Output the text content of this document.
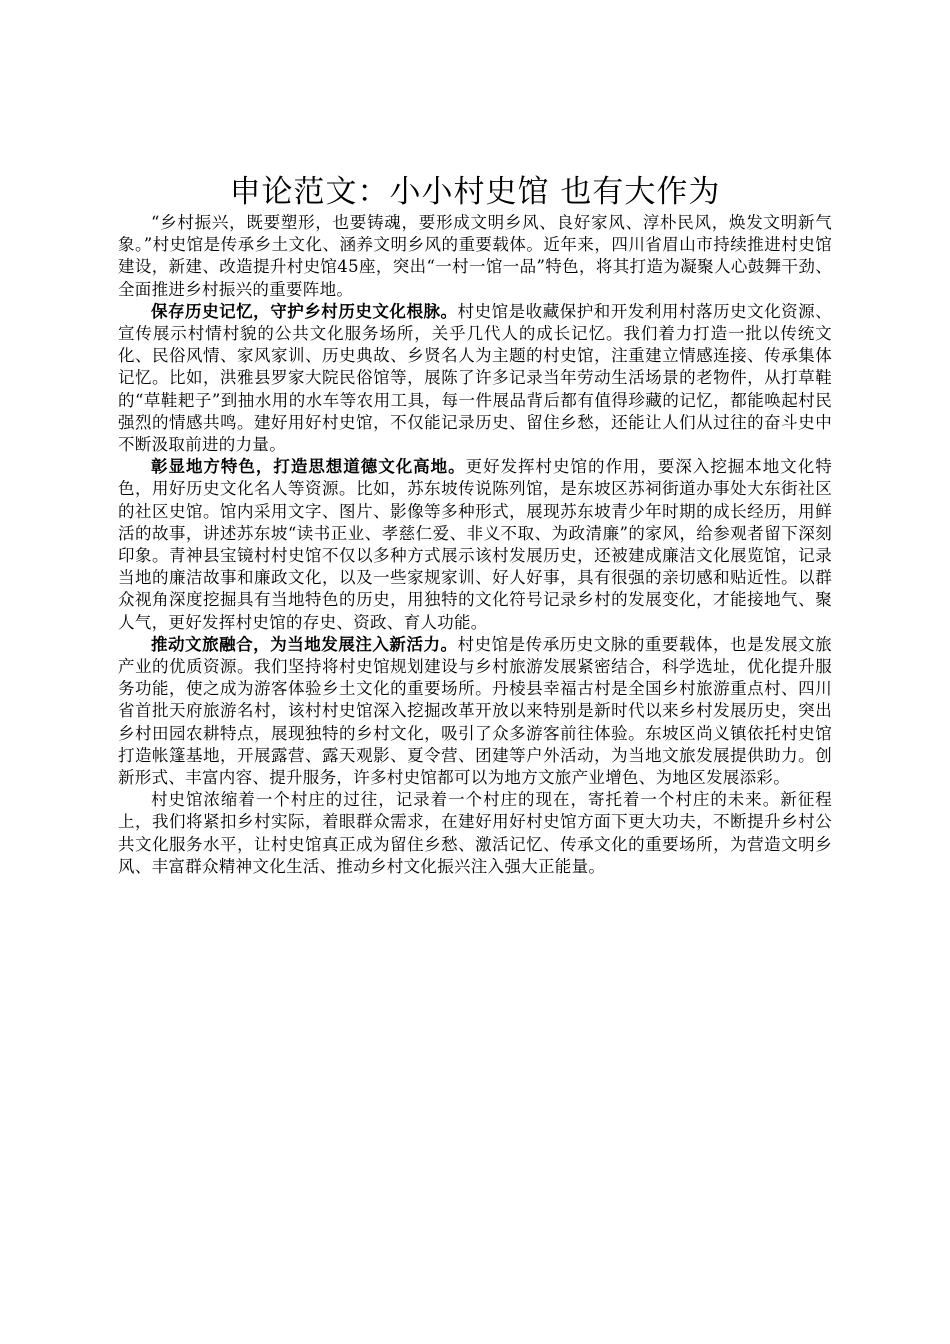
申论范文：小小村史馆 也有大作为

“乡村振兴，既要塑形，也要铸魂，要形成文明乡风、良好家风、淳朴民风，焕发文明新气象。”村史馆是传承乡土文化、涵养文明乡风的重要载体。近年来，四川省眉山市持续推进村史馆建设，新建、改造提升村史馆45座，突出“一村一馆一品”特色，将其打造为凝聚人心鼓舞干劲、全面推进乡村振兴的重要阵地。

保存历史记忆，守护乡村历史文化根脉。村史馆是收藏保护和开发利用村落历史文化资源、宣传展示村情村貌的公共文化服务场所，关乎几代人的成长记忆。我们着力打造一批以传统文化、民俗风情、家风家训、历史典故、乡贤名人为主题的村史馆，注重建立情感连接、传承集体记忆。比如，洪雅县罗家大院民俗馆等，展陈了许多记录当年劳动生活场景的老物件，从打草鞋的“草鞋耙子”到抽水用的水车等农用工具，每一件展品背后都有值得珍藏的记忆，都能唤起村民强烈的情感共鸣。建好用好村史馆，不仅能记录历史、留住乡愁，还能让人们从过往的奋斗史中不断汲取前进的力量。

彰显地方特色，打造思想道德文化高地。更好发挥村史馆的作用，要深入挖掘本地文化特色，用好历史文化名人等资源。比如，苏东坡传说陈列馆，是东坡区苏祠街道办事处大东街社区的社区史馆。馆内采用文字、图片、影像等多种形式，展现苏东坡青少年时期的成长经历，用鲜活的故事，讲述苏东坡“读书正业、孝慈仁爱、非义不取、为政清廉”的家风，给参观者留下深刻印象。青神县宝镜村村史馆不仅以多种方式展示该村发展历史，还被建成廉洁文化展览馆，记录当地的廉洁故事和廉政文化，以及一些家规家训、好人好事，具有很强的亲切感和贴近性。以群众视角深度挖掘具有当地特色的历史，用独特的文化符号记录乡村的发展变化，才能接地气、聚人气，更好发挥村史馆的存史、资政、育人功能。

推动文旅融合，为当地发展注入新活力。村史馆是传承历史文脉的重要载体，也是发展文旅产业的优质资源。我们坚持将村史馆规划建设与乡村旅游发展紧密结合，科学选址，优化提升服务功能，使之成为游客体验乡土文化的重要场所。丹棱县幸福古村是全国乡村旅游重点村、四川省首批天府旅游名村，该村村史馆深入挖掘改革开放以来特别是新时代以来乡村发展历史，突出乡村田园农耕特点，展现独特的乡村文化，吸引了众多游客前往体验。东坡区尚义镇依托村史馆打造帐篷基地，开展露营、露天观影、夏令营、团建等户外活动，为当地文旅发展提供助力。创新形式、丰富内容、提升服务，许多村史馆都可以为地方文旅产业增色、为地区发展添彩。

村史馆浓缩着一个村庄的过往，记录着一个村庄的现在，寄托着一个村庄的未来。新征程上，我们将紧扣乡村实际，着眼群众需求，在建好用好村史馆方面下更大功夫，不断提升乡村公共文化服务水平，让村史馆真正成为留住乡愁、激活记忆、传承文化的重要场所，为营造文明乡风、丰富群众精神文化生活、推动乡村文化振兴注入强大正能量。
